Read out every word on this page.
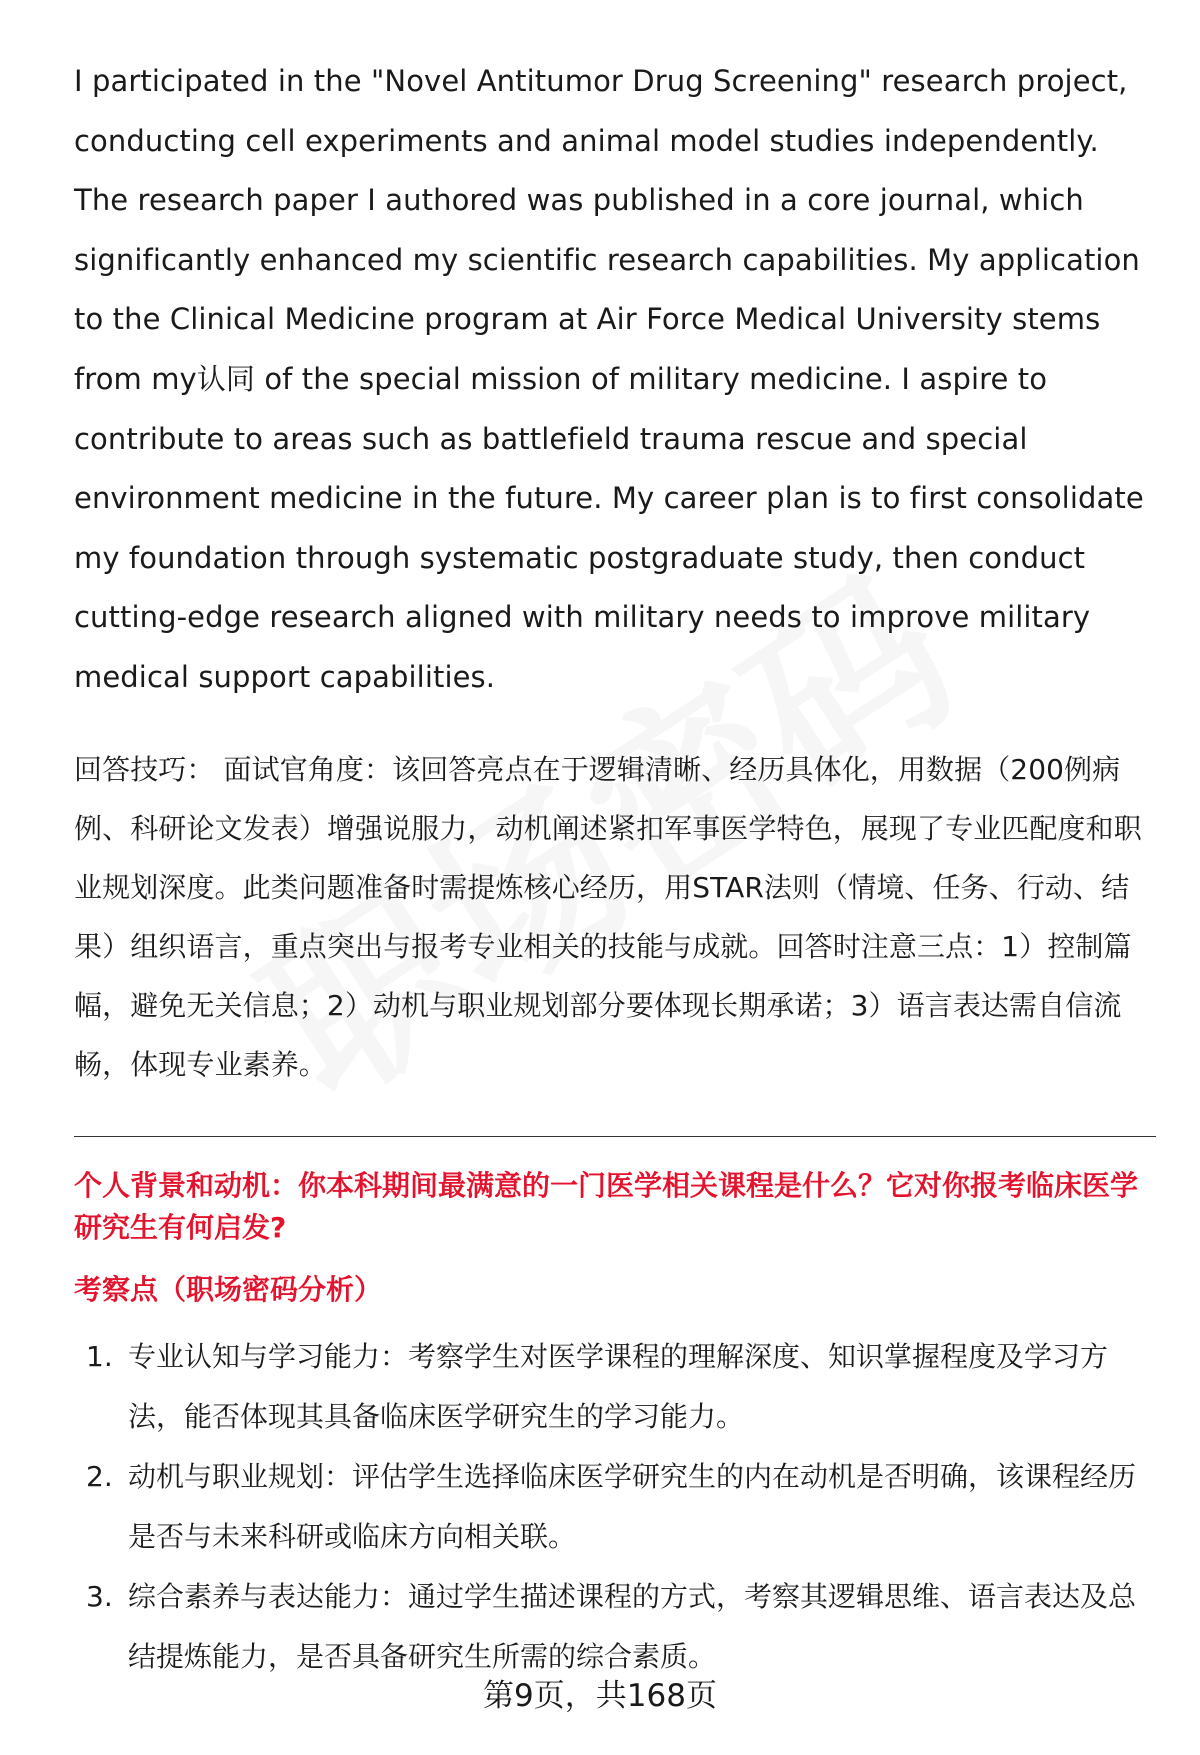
I participated in the "Novel Antitumor Drug Screening" research project, conducting cell experiments and animal model studies independently. The research paper I authored was published in a core journal, which significantly enhanced my scientific research capabilities. My application to the Clinical Medicine program at Air Force Medical University stems from my认同 of the special mission of military medicine. I aspire to contribute to areas such as battlefield trauma rescue and special environment medicine in the future. My career plan is to first consolidate my foundation through systematic postgraduate study, then conduct cutting-edge research aligned with military needs to improve military medical support capabilities.

回答技巧： 面试官角度：该回答亮点在于逻辑清晰、经历具体化，用数据（200例病例、科研论文发表）增强说服力，动机阐述紧扣军事医学特色，展现了专业匹配度和职业规划深度。此类问题准备时需提炼核心经历，用STAR法则（情境、任务、行动、结果）组织语言，重点突出与报考专业相关的技能与成就。回答时注意三点：1）控制篇幅，避免无关信息；2）动机与职业规划部分要体现长期承诺；3）语言表达需自信流畅，体现专业素养。

个人背景和动机：你本科期间最满意的一门医学相关课程是什么？它对你报考临床医学研究生有何启发?
考察点（职场密码分析）
1. 专业认知与学习能力：考察学生对医学课程的理解深度、知识掌握程度及学习方法，能否体现其具备临床医学研究生的学习能力。
2. 动机与职业规划：评估学生选择临床医学研究生的内在动机是否明确，该课程经历是否与未来科研或临床方向相关联。
3. 综合素养与表达能力：通过学生描述课程的方式，考察其逻辑思维、语言表达及总结提炼能力，是否具备研究生所需的综合素质。
第9页，共168页
